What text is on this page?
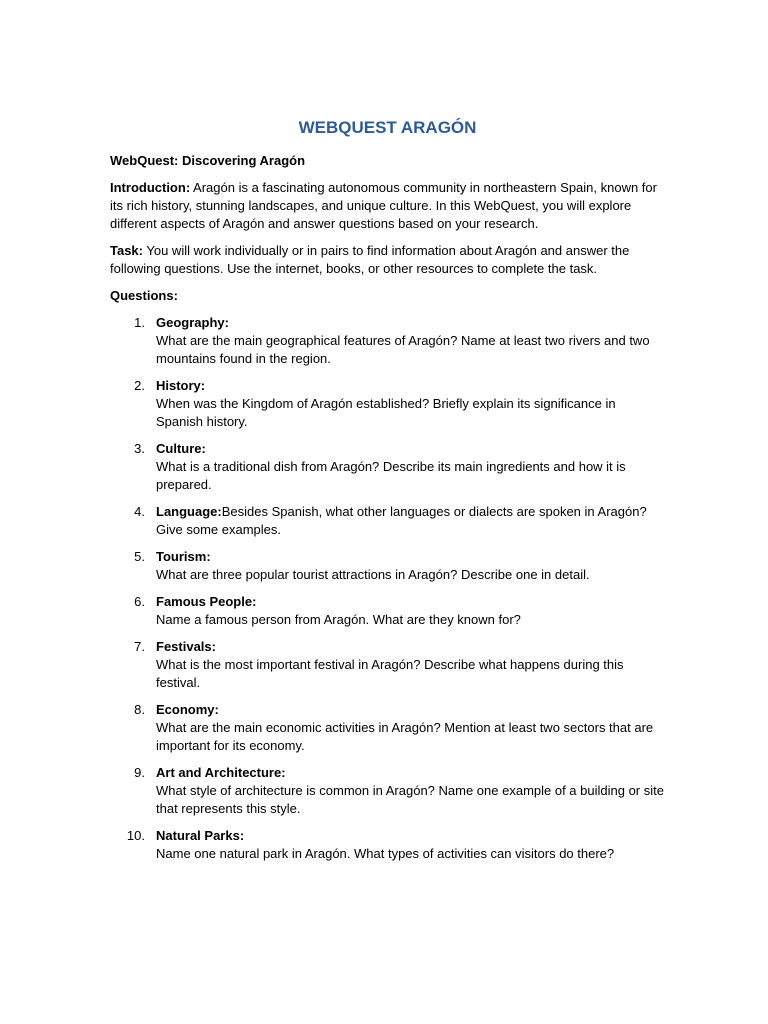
WEBQUEST ARAGÓN
WebQuest: Discovering Aragón
Introduction: Aragón is a fascinating autonomous community in northeastern Spain, known for its rich history, stunning landscapes, and unique culture. In this WebQuest, you will explore different aspects of Aragón and answer questions based on your research.
Task: You will work individually or in pairs to find information about Aragón and answer the following questions. Use the internet, books, or other resources to complete the task.
Questions:
1. Geography:
What are the main geographical features of Aragón? Name at least two rivers and two mountains found in the region.
2. History:
When was the Kingdom of Aragón established? Briefly explain its significance in Spanish history.
3. Culture:
What is a traditional dish from Aragón? Describe its main ingredients and how it is prepared.
4. Language:Besides Spanish, what other languages or dialects are spoken in Aragón? Give some examples.
5. Tourism:
What are three popular tourist attractions in Aragón? Describe one in detail.
6. Famous People:
Name a famous person from Aragón. What are they known for?
7. Festivals:
What is the most important festival in Aragón? Describe what happens during this festival.
8. Economy:
What are the main economic activities in Aragón? Mention at least two sectors that are important for its economy.
9. Art and Architecture:
What style of architecture is common in Aragón? Name one example of a building or site that represents this style.
10. Natural Parks:
Name one natural park in Aragón. What types of activities can visitors do there?
